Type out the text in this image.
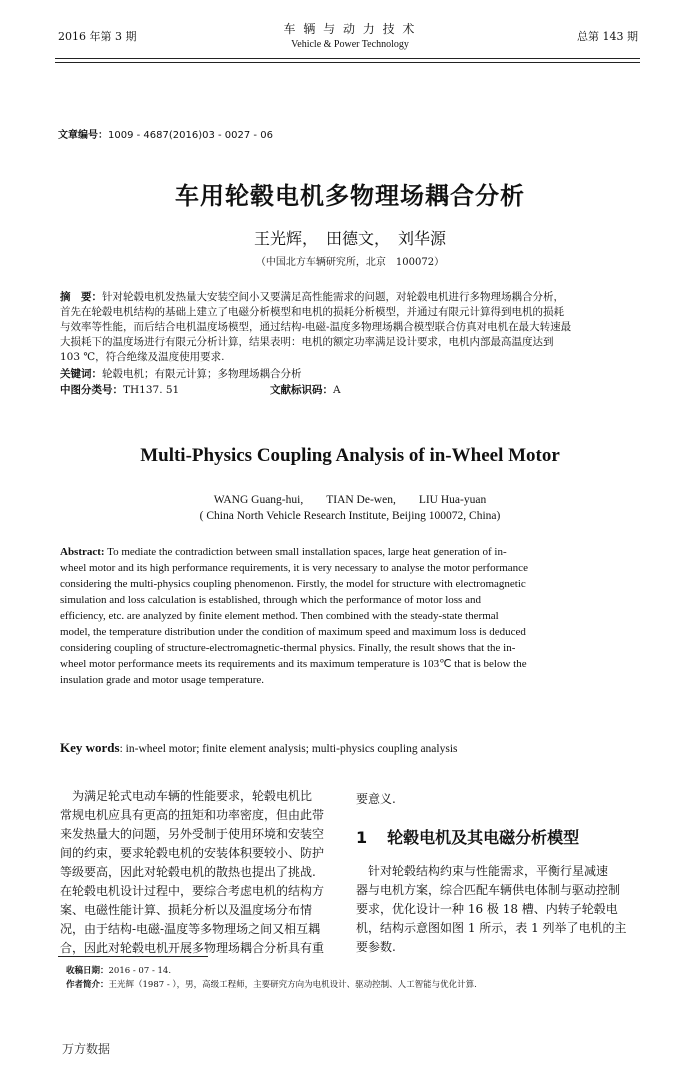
2016 年第 3 期
车 辆 与 动 力 技 术
Vehicle & Power Technology
总第 143 期
文章编号：1009 - 4687(2016)03 - 0027 - 06
车用轮毂电机多物理场耦合分析
王光辉，　田德文，　刘华源
（中国北方车辆研究所，北京　100072）
摘　要：针对轮毂电机发热量大安装空间小又要满足高性能需求的问题，对轮毂电机进行多物理场耦合分析，
首先在轮毂电机结构的基础上建立了电磁分析模型和电机的损耗分析模型，并通过有限元计算得到电机的损耗
与效率等性能，而后结合电机温度场模型，通过结构-电磁-温度多物理场耦合模型联合仿真对电机在最大转速最
大损耗下的温度场进行有限元分析计算，结果表明：电机的额定功率满足设计要求，电机内部最高温度达到
103 ℃，符合绝缘及温度使用要求.
关键词：轮毂电机；有限元计算；多物理场耦合分析
中图分类号：TH137. 51	文献标识码：A
Multi-Physics Coupling Analysis of in-Wheel Motor
WANG Guang-hui,　　TIAN De-wen,　　LIU Hua-yuan
( China North Vehicle Research Institute, Beijing 100072, China)
Abstract: To mediate the contradiction between small installation spaces, large heat generation of in-
wheel motor and its high performance requirements, it is very necessary to analyse the motor performance
considering the multi-physics coupling phenomenon. Firstly, the model for structure with electromagnetic
simulation and loss calculation is established, through which the performance of motor loss and
efficiency, etc. are analyzed by finite element method. Then combined with the steady-state thermal
model, the temperature distribution under the condition of maximum speed and maximum loss is deduced
considering coupling of structure-electromagnetic-thermal physics. Finally, the result shows that the in-
wheel motor performance meets its requirements and its maximum temperature is 103℃ that is below the
insulation grade and motor usage temperature.
Key words: in-wheel motor; finite element analysis; multi-physics coupling analysis
　为满足轮式电动车辆的性能要求，轮毂电机比
常规电机应具有更高的扭矩和功率密度，但由此带
来发热量大的问题，另外受制于使用环境和安装空
间的约束，要求轮毂电机的安装体积要较小、防护
等级要高，因此对轮毂电机的散热也提出了挑战.
在轮毂电机设计过程中，要综合考虑电机的结构方
案、电磁性能计算、损耗分析以及温度场分布情
况，由于结构-电磁-温度等多物理场之间又相互耦
合，因此对轮毂电机开展多物理场耦合分析具有重
要意义.
1 轮毂电机及其电磁分析模型
　针对轮毂结构约束与性能需求，平衡行星减速
器与电机方案，综合匹配车辆供电体制与驱动控制
要求，优化设计一种 16 极 18 槽、内转子轮毂电
机，结构示意图如图 1 所示，表 1 列举了电机的主
要参数.
收稿日期：2016 - 07 - 14.
作者简介：王光辉（1987 - ），男，高级工程师，主要研究方向为电机设计、驱动控制、人工智能与优化计算.
万方数据
